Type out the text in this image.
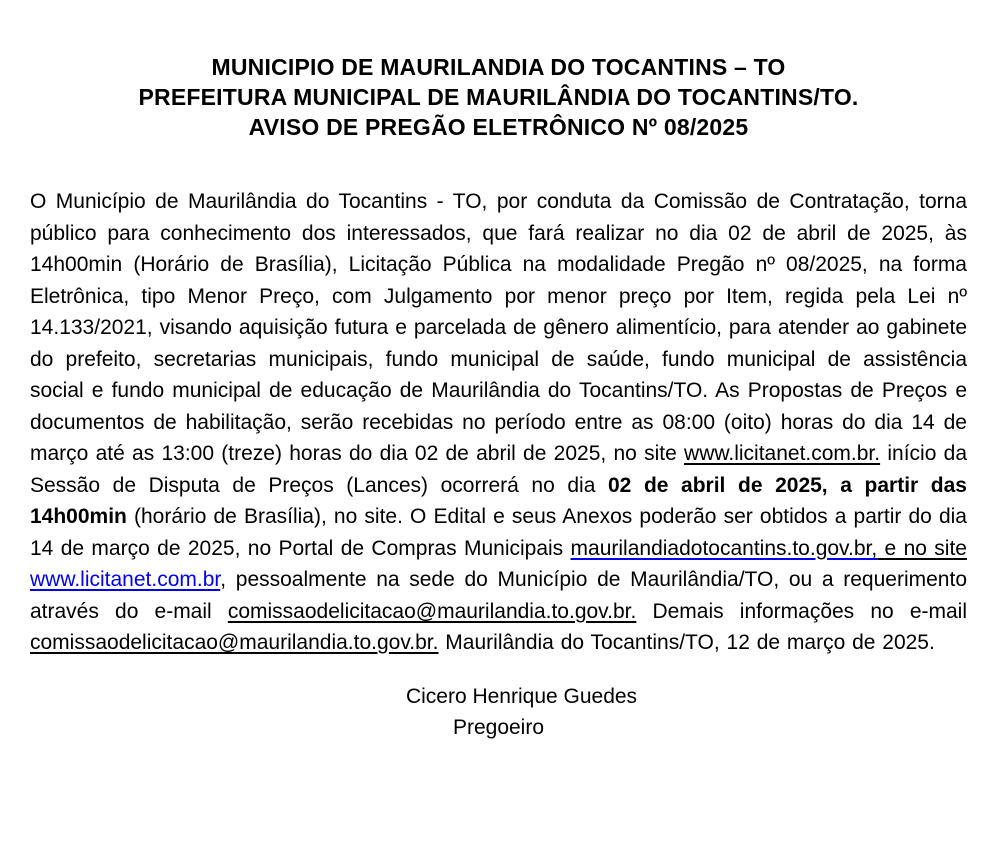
MUNICIPIO DE MAURILANDIA DO TOCANTINS – TO
PREFEITURA MUNICIPAL DE MAURILÂNDIA DO TOCANTINS/TO.
AVISO DE PREGÃO ELETRÔNICO Nº 08/2025
O Município de Maurilândia do Tocantins - TO, por conduta da Comissão de Contratação, torna público para conhecimento dos interessados, que fará realizar no dia 02 de abril de 2025, às 14h00min (Horário de Brasília), Licitação Pública na modalidade Pregão nº 08/2025, na forma Eletrônica, tipo Menor Preço, com Julgamento por menor preço por Item, regida pela Lei nº 14.133/2021, visando aquisição futura e parcelada de gênero alimentício, para atender ao gabinete do prefeito, secretarias municipais, fundo municipal de saúde, fundo municipal de assistência social e fundo municipal de educação de Maurilândia do Tocantins/TO. As Propostas de Preços e documentos de habilitação, serão recebidas no período entre as 08:00 (oito) horas do dia 14 de março até as 13:00 (treze) horas do dia 02 de abril de 2025, no site www.licitanet.com.br. início da Sessão de Disputa de Preços (Lances) ocorrerá no dia 02 de abril de 2025, a partir das 14h00min (horário de Brasília), no site. O Edital e seus Anexos poderão ser obtidos a partir do dia 14 de março de 2025, no Portal de Compras Municipais maurilandiadotocantins.to.gov.br, e no site www.licitanet.com.br, pessoalmente na sede do Município de Maurilândia/TO, ou a requerimento através do e-mail comissaodelicitacao@maurilandia.to.gov.br. Demais informações no e-mail comissaodelicitacao@maurilandia.to.gov.br. Maurilândia do Tocantins/TO, 12 de março de 2025.
Cicero Henrique Guedes
Pregoeiro
